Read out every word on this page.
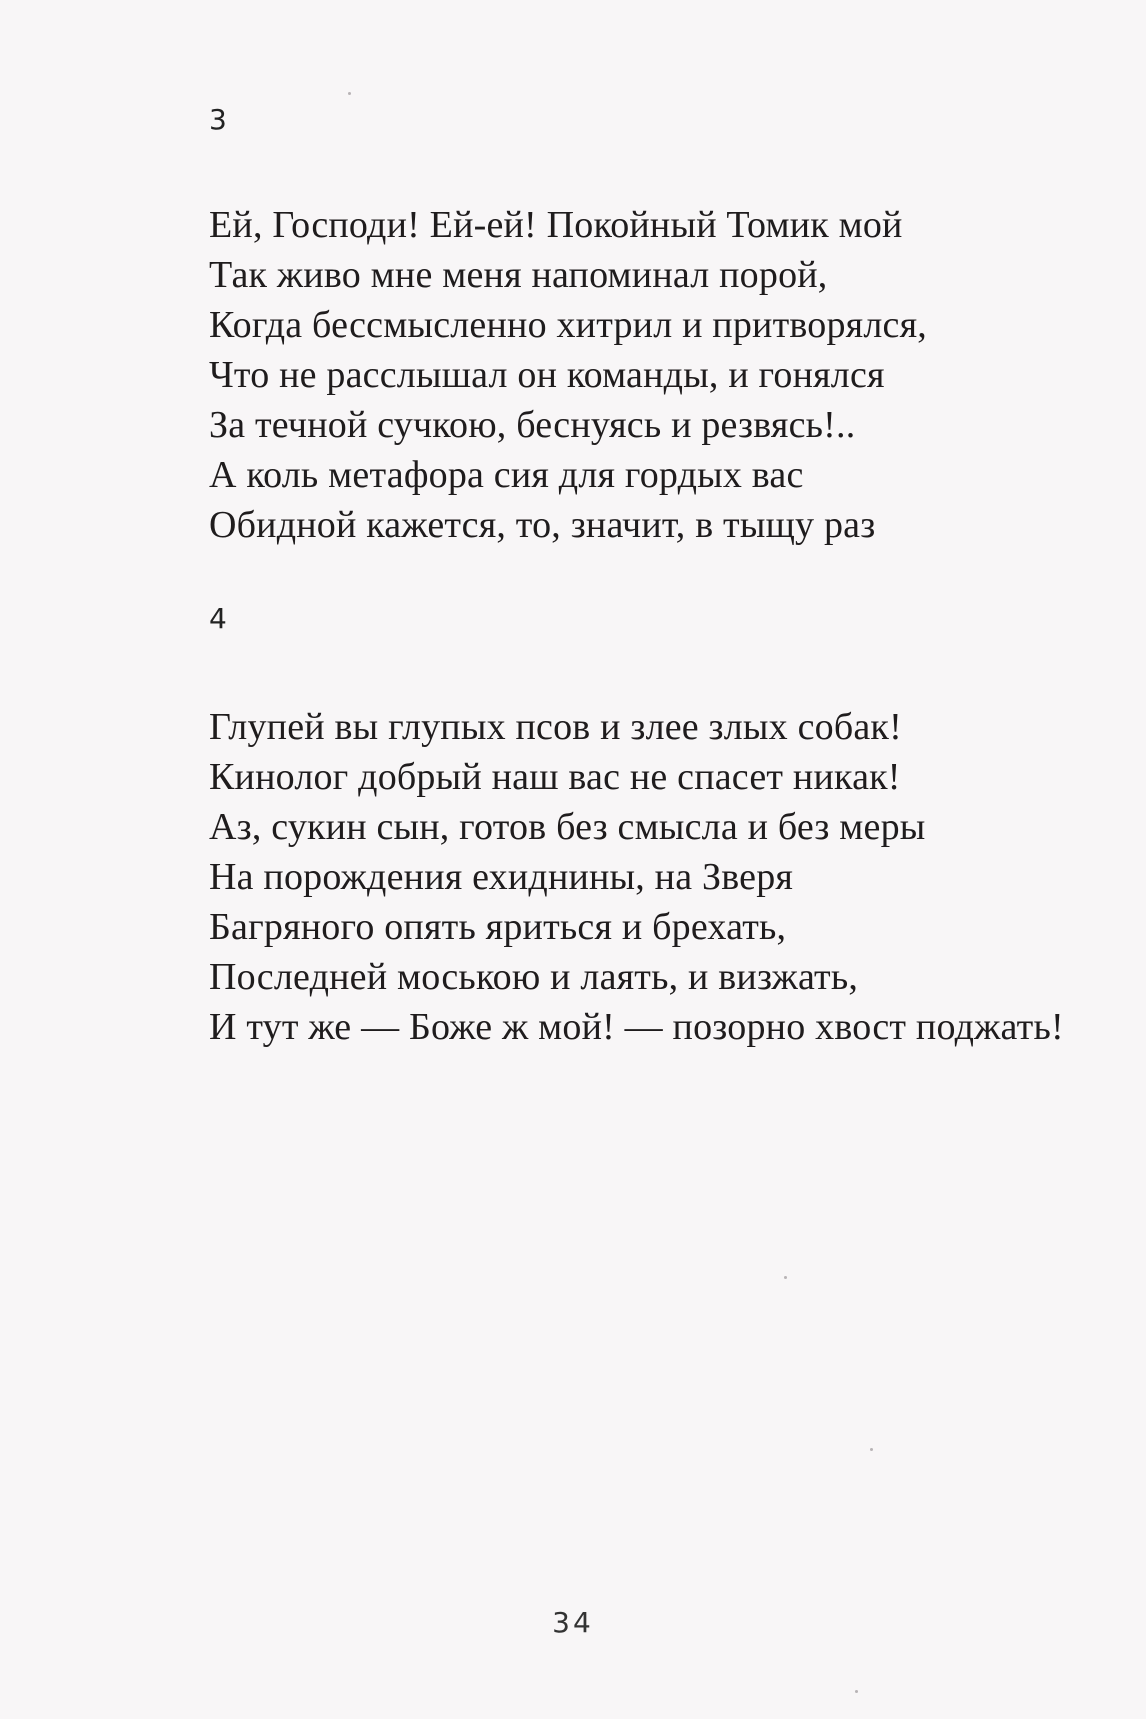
3
Ей, Господи! Ей-ей! Покойный Томик мой
Так живо мне меня напоминал порой,
Когда бессмысленно хитрил и притворялся,
Что не расслышал он команды, и гонялся
За течной сучкою, беснуясь и резвясь!..
А коль метафора сия для гордых вас
Обидной кажется, то, значит, в тыщу раз
4
Глупей вы глупых псов и злее злых собак!
Кинолог добрый наш вас не спасет никак!
Аз, сукин сын, готов без смысла и без меры
На порождения ехиднины, на Зверя
Багряного опять яриться и брехать,
Последней моською и лаять, и визжать,
И тут же — Боже ж мой! — позорно хвост поджать!
34
